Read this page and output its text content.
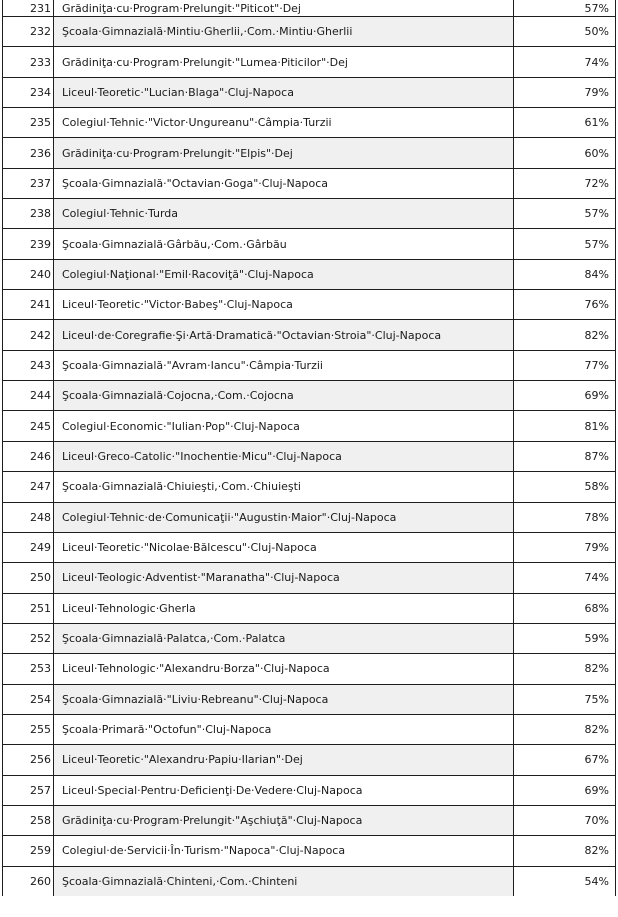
231	Grădiniţa·cu·Program·Prelungit·"Piticot"·Dej	57%
232	Şcoala·Gimnazială·Mintiu·Gherlii,·Com.·Mintiu·Gherlii	50%
233	Grădiniţa·cu·Program·Prelungit·"Lumea·Piticilor"·Dej	74%
234	Liceul·Teoretic·"Lucian·Blaga"·Cluj-Napoca	79%
235	Colegiul·Tehnic·"Victor·Ungureanu"·Câmpia·Turzii	61%
236	Grădiniţa·cu·Program·Prelungit·"Elpis"·Dej	60%
237	Şcoala·Gimnazială·"Octavian·Goga"·Cluj-Napoca	72%
238	Colegiul·Tehnic·Turda	57%
239	Şcoala·Gimnazială·Gârbău,·Com.·Gârbău	57%
240	Colegiul·Naţional·"Emil·Racoviţă"·Cluj-Napoca	84%
241	Liceul·Teoretic·"Victor·Babeş"·Cluj-Napoca	76%
242	Liceul·de·Coregrafie·Şi·Artă·Dramatică·"Octavian·Stroia"·Cluj-Napoca	82%
243	Şcoala·Gimnazială·"Avram·Iancu"·Câmpia·Turzii	77%
244	Şcoala·Gimnazială·Cojocna,·Com.·Cojocna	69%
245	Colegiul·Economic·"Iulian·Pop"·Cluj-Napoca	81%
246	Liceul·Greco-Catolic·"Inochentie·Micu"·Cluj-Napoca	87%
247	Şcoala·Gimnazială·Chiuieşti,·Com.·Chiuieşti	58%
248	Colegiul·Tehnic·de·Comunicaţii·"Augustin·Maior"·Cluj-Napoca	78%
249	Liceul·Teoretic·"Nicolae·Bălcescu"·Cluj-Napoca	79%
250	Liceul·Teologic·Adventist·"Maranatha"·Cluj-Napoca	74%
251	Liceul·Tehnologic·Gherla	68%
252	Şcoala·Gimnazială·Palatca,·Com.·Palatca	59%
253	Liceul·Tehnologic·"Alexandru·Borza"·Cluj-Napoca	82%
254	Şcoala·Gimnazială·"Liviu·Rebreanu"·Cluj-Napoca	75%
255	Şcoala·Primară·"Octofun"·Cluj-Napoca	82%
256	Liceul·Teoretic·"Alexandru·Papiu·Ilarian"·Dej	67%
257	Liceul·Special·Pentru·Deficienţi·De·Vedere·Cluj-Napoca	69%
258	Grădiniţa·cu·Program·Prelungit·"Aşchiuţă"·Cluj-Napoca	70%
259	Colegiul·de·Servicii·În·Turism·"Napoca"·Cluj-Napoca	82%
260	Şcoala·Gimnazială·Chinteni,·Com.·Chinteni	54%
